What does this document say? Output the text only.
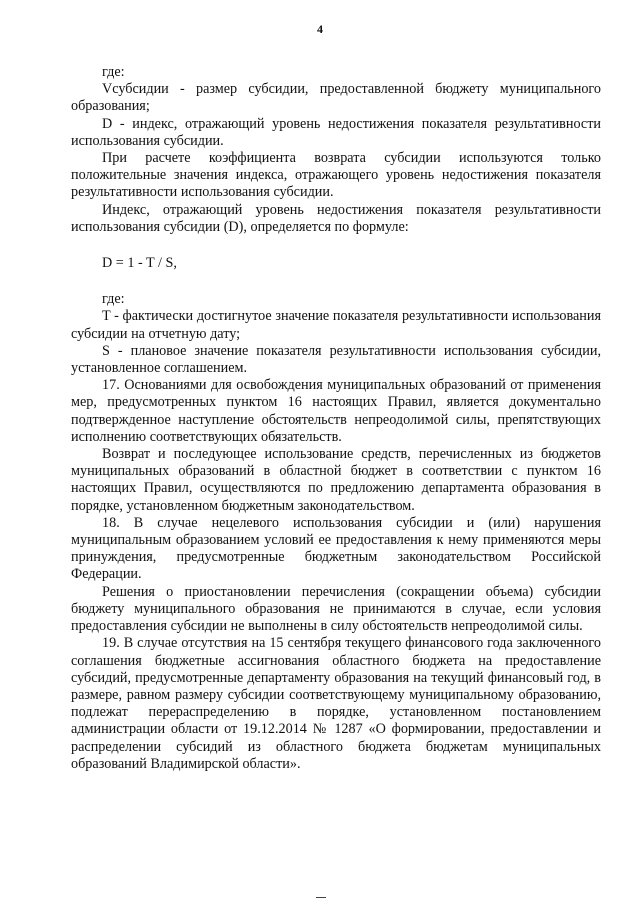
4

где:

Vсубсидии - размер субсидии, предоставленной бюджету муниципального образования;

D - индекс, отражающий уровень недостижения показателя результативности использования субсидии.

При расчете коэффициента возврата субсидии используются только положительные значения индекса, отражающего уровень недостижения показателя результативности использования субсидии.

Индекс, отражающий уровень недостижения показателя результативности использования субсидии (D), определяется по формуле:

D = 1 - T / S,

где:

T - фактически достигнутое значение показателя результативности использования субсидии на отчетную дату;

S - плановое значение показателя результативности использования субсидии, установленное соглашением.

17. Основаниями для освобождения муниципальных образований от применения мер, предусмотренных пунктом 16 настоящих Правил, является документально подтвержденное наступление обстоятельств непреодолимой силы, препятствующих исполнению соответствующих обязательств.

Возврат и последующее использование средств, перечисленных из бюджетов муниципальных образований в областной бюджет в соответствии с пунктом 16 настоящих Правил, осуществляются по предложению департамента образования в порядке, установленном бюджетным законодательством.

18. В случае нецелевого использования субсидии и (или) нарушения муниципальным образованием условий ее предоставления к нему применяются меры принуждения, предусмотренные бюджетным законодательством Российской Федерации.

Решения о приостановлении перечисления (сокращении объема) субсидии бюджету муниципального образования не принимаются в случае, если условия предоставления субсидии не выполнены в силу обстоятельств непреодолимой силы.

19. В случае отсутствия на 15 сентября текущего финансового года заключенного соглашения бюджетные ассигнования областного бюджета на предоставление субсидий, предусмотренные департаменту образования на текущий финансовый год, в размере, равном размеру субсидии соответствующему муниципальному образованию, подлежат перераспределению в порядке, установленном постановлением администрации области от 19.12.2014 № 1287 «О формировании, предоставлении и распределении субсидий из областного бюджета бюджетам муниципальных образований Владимирской области».
